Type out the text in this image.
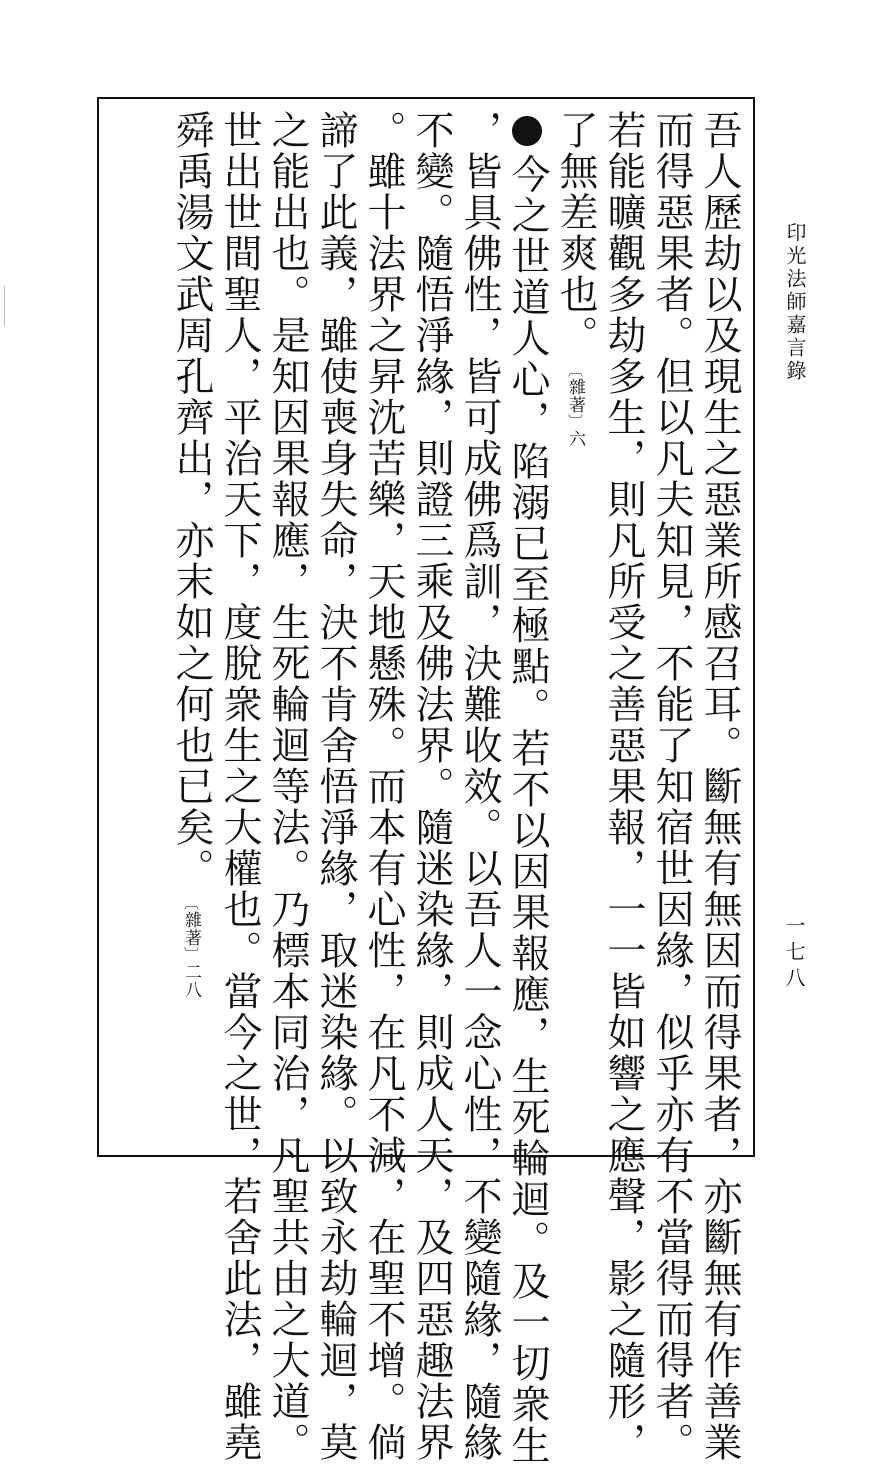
印光法師嘉言錄
一七八
吾人歷劫以及現生之惡業所感召耳。斷無有無因而得果者，亦斷無有作善業
而得惡果者。但以凡夫知見，不能了知宿世因緣，似乎亦有不當得而得者。
若能曠觀多劫多生，則凡所受之善惡果報，一一皆如響之應聲，影之隨形，
了無差爽也。︹雜著︺六
今之世道人心，陷溺已至極點。若不以因果報應，生死輪迴。及一切衆生
，皆具佛性，皆可成佛爲訓，決難收效。以吾人一念心性，不變隨緣，隨緣
不變。隨悟淨緣，則證三乘及佛法界。隨迷染緣，則成人天，及四惡趣法界
。雖十法界之昇沈苦樂，天地懸殊。而本有心性，在凡不減，在聖不增。倘
諦了此義，雖使喪身失命，決不肯舍悟淨緣，取迷染緣。以致永劫輪迴，莫
之能出也。是知因果報應，生死輪迴等法。乃標本同治，凡聖共由之大道。
世出世間聖人，平治天下，度脫衆生之大權也。當今之世，若舍此法，雖堯
舜禹湯文武周孔齊出，亦末如之何也已矣。︹雜著︺二八
